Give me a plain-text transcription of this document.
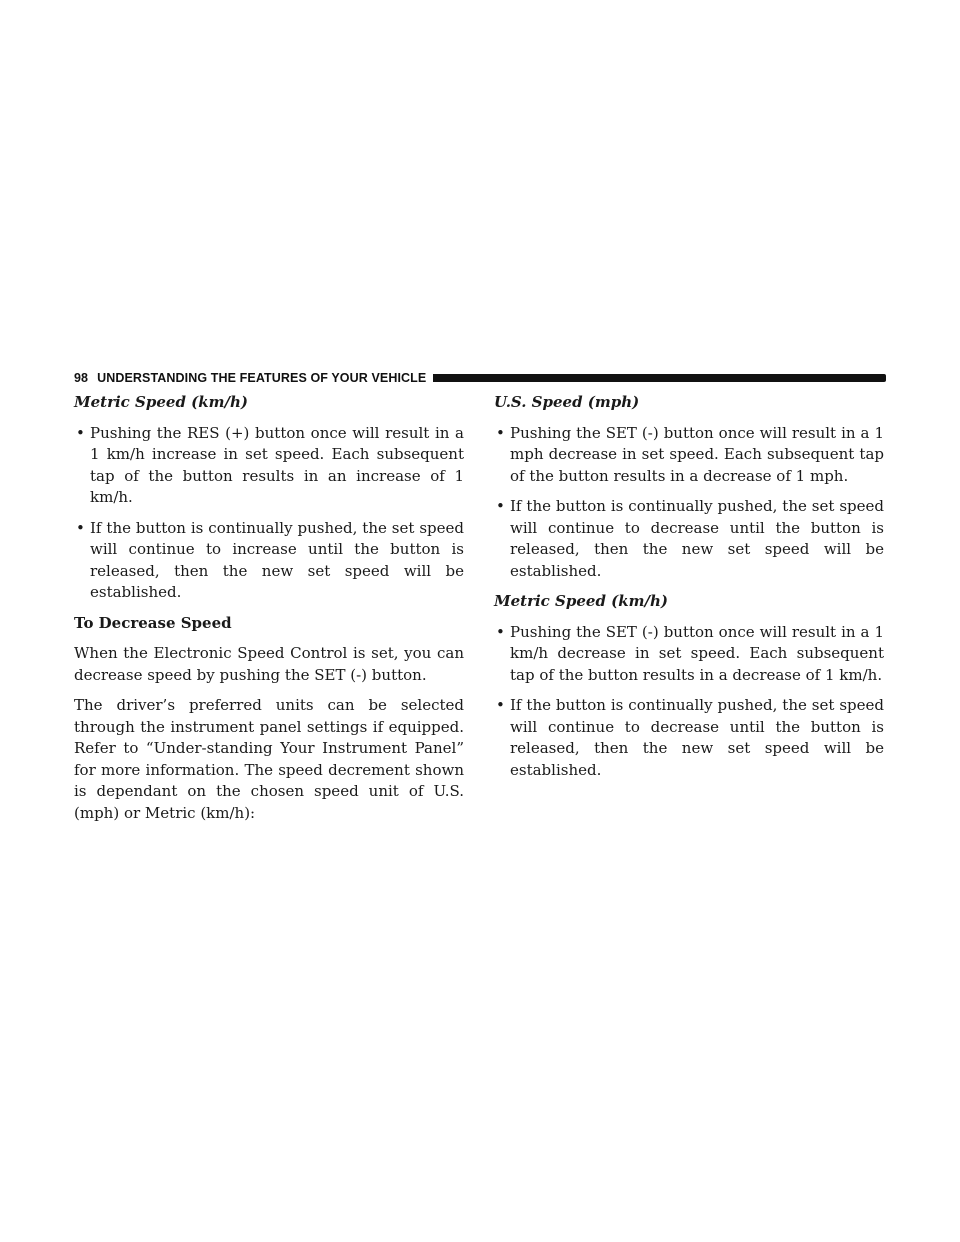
98 UNDERSTANDING THE FEATURES OF YOUR VEHICLE

Metric Speed (km/h)

• Pushing the RES (+) button once will result in a 1 km/h increase in set speed. Each subsequent tap of the button results in an increase of 1 km/h.
• If the button is continually pushed, the set speed will continue to increase until the button is released, then the new set speed will be established.

To Decrease Speed

When the Electronic Speed Control is set, you can decrease speed by pushing the SET (-) button.

The driver’s preferred units can be selected through the instrument panel settings if equipped. Refer to “Under-standing Your Instrument Panel” for more information. The speed decrement shown is dependant on the chosen speed unit of U.S. (mph) or Metric (km/h):

U.S. Speed (mph)

• Pushing the SET (-) button once will result in a 1 mph decrease in set speed. Each subsequent tap of the button results in a decrease of 1 mph.
• If the button is continually pushed, the set speed will continue to decrease until the button is released, then the new set speed will be established.

Metric Speed (km/h)

• Pushing the SET (-) button once will result in a 1 km/h decrease in set speed. Each subsequent tap of the button results in a decrease of 1 km/h.
• If the button is continually pushed, the set speed will continue to decrease until the button is released, then the new set speed will be established.
